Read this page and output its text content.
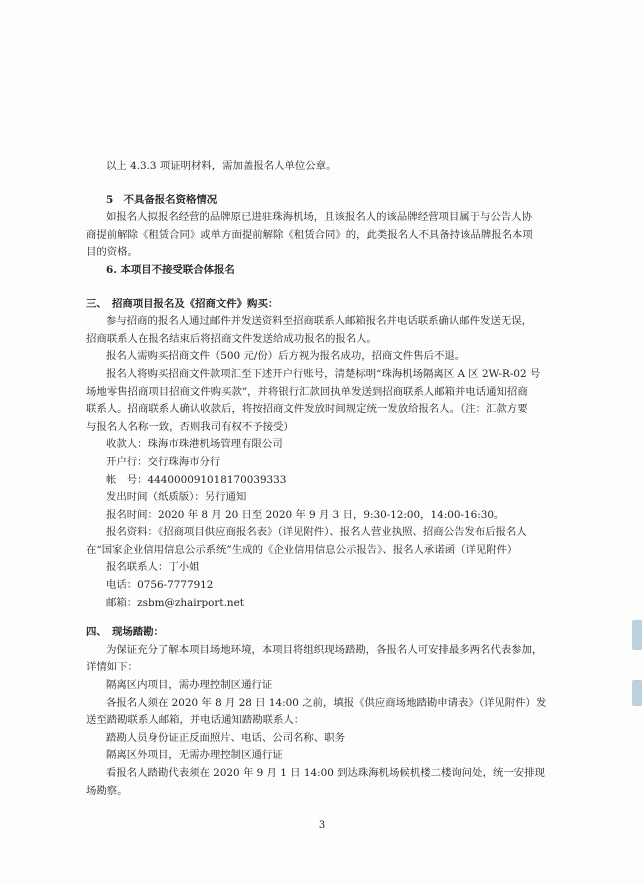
以上 4.3.3 项证明材料，需加盖报名人单位公章。
5　不具备报名资格情况
如报名人拟报名经营的品牌原已进驻珠海机场，且该报名人的该品牌经营项目属于与公告人协
商提前解除《租赁合同》或单方面提前解除《租赁合同》的，此类报名人不具备持该品牌报名本项
目的资格。
6. 本项目不接受联合体报名
三、　招商项目报名及《招商文件》购买：
参与招商的报名人通过邮件并发送资料至招商联系人邮箱报名并电话联系确认邮件发送无误，
招商联系人在报名结束后将招商文件发送给成功报名的报名人。
报名人需购买招商文件（500 元/份）后方视为报名成功，招商文件售后不退。
报名人将购买招商文件款项汇至下述开户行账号，清楚标明“珠海机场隔离区 A 区 2W-R-02 号
场地零售招商项目招商文件购买款”，并将银行汇款回执单发送到招商联系人邮箱并电话通知招商
联系人。招商联系人确认收款后，将按招商文件发放时间规定统一发放给报名人。（注：汇款方要
与报名人名称一致，否则我司有权不予接受）
收款人：珠海市珠港机场管理有限公司
开户行：交行珠海市分行
帐　号：444000091018170039333
发出时间（纸质版）：另行通知
报名时间：2020 年 8 月 20 日至 2020 年 9 月 3 日，9:30-12:00，14:00-16:30。
报名资料：《招商项目供应商报名表》（详见附件）、报名人营业执照、招商公告发布后报名人
在“国家企业信用信息公示系统”生成的《企业信用信息公示报告》、报名人承诺函（详见附件）
报名联系人：丁小姐
电话：0756-7777912
邮箱：zsbm@zhairport.net
四、　现场踏勘：
为保证充分了解本项目场地环境，本项目将组织现场踏勘，各报名人可安排最多两名代表参加，
详情如下：
隔离区内项目，需办理控制区通行证
各报名人须在 2020 年 8 月 28 日 14:00 之前，填报《供应商场地踏勘申请表》（详见附件）发
送至踏勘联系人邮箱，并电话通知踏勘联系人：
踏勘人员身份证正反面照片、电话、公司名称、职务
隔离区外项目，无需办理控制区通行证
看报名人踏勘代表须在 2020 年 9 月 1 日 14:00 到达珠海机场候机楼二楼询问处，统一安排现
场勘察。
3
